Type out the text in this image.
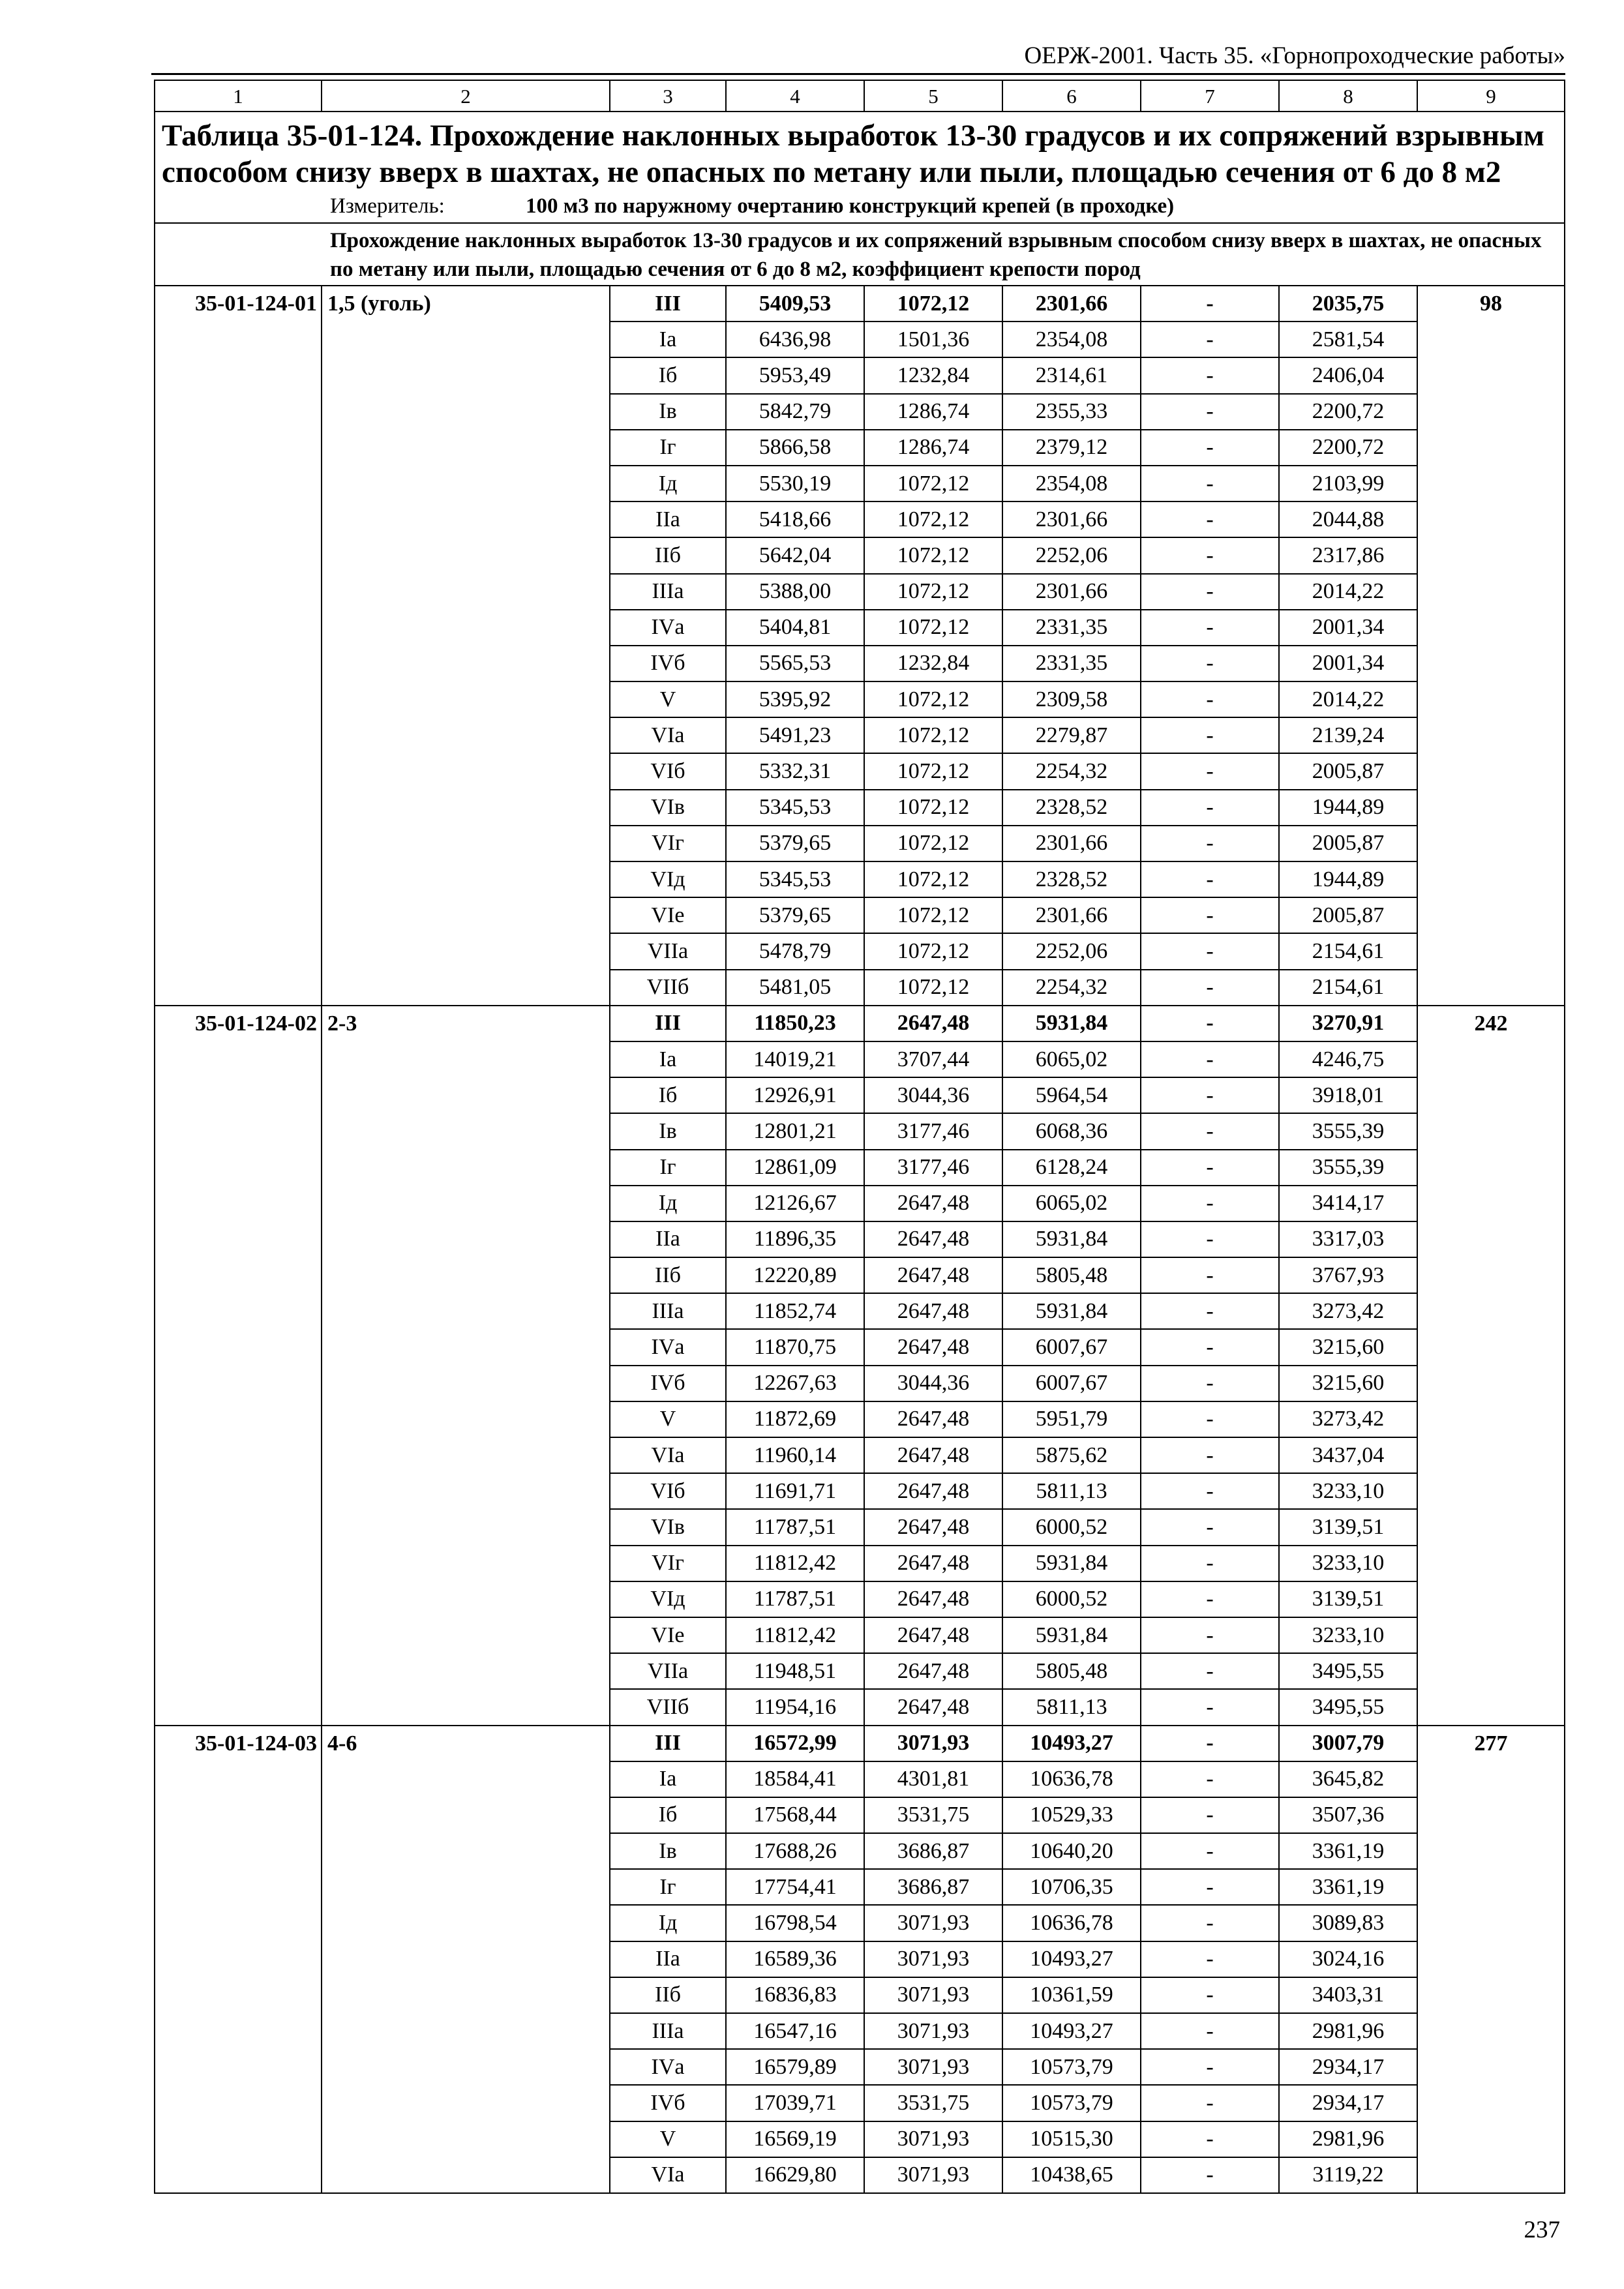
ОЕРЖ-2001. Часть 35. «Горнопроходческие работы»
1	2	3	4	5	6	7	8	9

Таблица 35-01-124. Прохождение наклонных выработок 13-30 градусов и их сопряжений взрывным способом снизу вверх в шахтах, не опасных по метану или пыли, площадью сечения от 6 до 8 м2								

Измеритель: 100 м3 по наружному очертанию конструкций крепей (в проходке)								

Прохождение наклонных выработок 13-30 градусов и их сопряжений взрывным способом снизу вверх в шахтах, не опасных по метану или пыли, площадью сечения от 6 до 8 м2, коэффициент крепости пород								
35-01-124-01	1,5 (уголь)	III	5409,53	1072,12	2301,66	-	2035,75	98
		Iа	6436,98	1501,36	2354,08	-	2581,54	
		Iб	5953,49	1232,84	2314,61	-	2406,04	
		Iв	5842,79	1286,74	2355,33	-	2200,72	
		Iг	5866,58	1286,74	2379,12	-	2200,72	
		Iд	5530,19	1072,12	2354,08	-	2103,99	
		IIа	5418,66	1072,12	2301,66	-	2044,88	
		IIб	5642,04	1072,12	2252,06	-	2317,86	
		IIIа	5388,00	1072,12	2301,66	-	2014,22	
		IVа	5404,81	1072,12	2331,35	-	2001,34	
		IVб	5565,53	1232,84	2331,35	-	2001,34	
		V	5395,92	1072,12	2309,58	-	2014,22	
		VIа	5491,23	1072,12	2279,87	-	2139,24	
		VIб	5332,31	1072,12	2254,32	-	2005,87	
		VIв	5345,53	1072,12	2328,52	-	1944,89	
		VIг	5379,65	1072,12	2301,66	-	2005,87	
		VIд	5345,53	1072,12	2328,52	-	1944,89	
		VIе	5379,65	1072,12	2301,66	-	2005,87	
		VIIа	5478,79	1072,12	2252,06	-	2154,61	
		VIIб	5481,05	1072,12	2254,32	-	2154,61	
35-01-124-02	2-3	III	11850,23	2647,48	5931,84	-	3270,91	242
		Iа	14019,21	3707,44	6065,02	-	4246,75	
		Iб	12926,91	3044,36	5964,54	-	3918,01	
		Iв	12801,21	3177,46	6068,36	-	3555,39	
		Iг	12861,09	3177,46	6128,24	-	3555,39	
		Iд	12126,67	2647,48	6065,02	-	3414,17	
		IIа	11896,35	2647,48	5931,84	-	3317,03	
		IIб	12220,89	2647,48	5805,48	-	3767,93	
		IIIа	11852,74	2647,48	5931,84	-	3273,42	
		IVа	11870,75	2647,48	6007,67	-	3215,60	
		IVб	12267,63	3044,36	6007,67	-	3215,60	
		V	11872,69	2647,48	5951,79	-	3273,42	
		VIа	11960,14	2647,48	5875,62	-	3437,04	
		VIб	11691,71	2647,48	5811,13	-	3233,10	
		VIв	11787,51	2647,48	6000,52	-	3139,51	
		VIг	11812,42	2647,48	5931,84	-	3233,10	
		VIд	11787,51	2647,48	6000,52	-	3139,51	
		VIе	11812,42	2647,48	5931,84	-	3233,10	
		VIIа	11948,51	2647,48	5805,48	-	3495,55	
		VIIб	11954,16	2647,48	5811,13	-	3495,55	
35-01-124-03	4-6	III	16572,99	3071,93	10493,27	-	3007,79	277
		Iа	18584,41	4301,81	10636,78	-	3645,82	
		Iб	17568,44	3531,75	10529,33	-	3507,36	
		Iв	17688,26	3686,87	10640,20	-	3361,19	
		Iг	17754,41	3686,87	10706,35	-	3361,19	
		Iд	16798,54	3071,93	10636,78	-	3089,83	
		IIа	16589,36	3071,93	10493,27	-	3024,16	
		IIб	16836,83	3071,93	10361,59	-	3403,31	
		IIIа	16547,16	3071,93	10493,27	-	2981,96	
		IVа	16579,89	3071,93	10573,79	-	2934,17	
		IVб	17039,71	3531,75	10573,79	-	2934,17	
		V	16569,19	3071,93	10515,30	-	2981,96	
		VIа	16629,80	3071,93	10438,65	-	3119,22	
237
